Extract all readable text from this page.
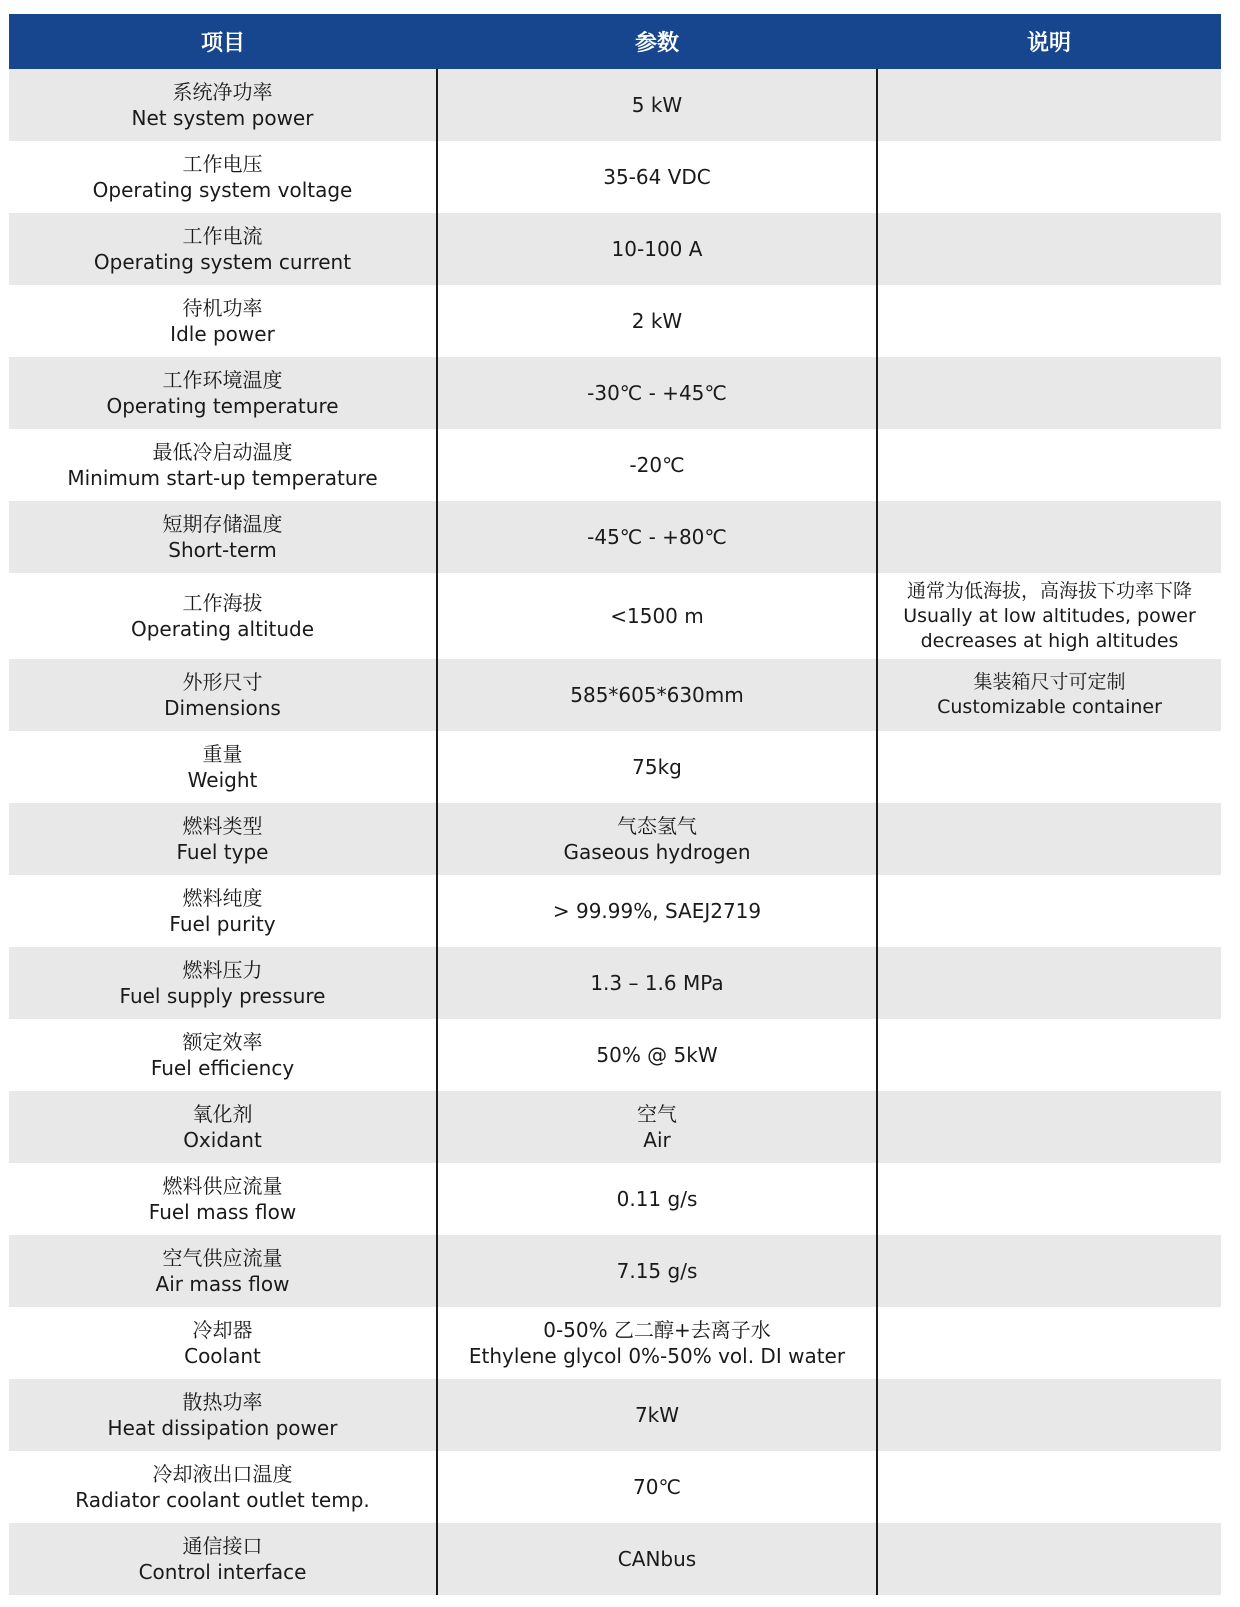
项目	参数	说明

系统净功率
Net system power	5 kW	

工作电压
Operating system voltage	35-64 VDC	

工作电流
Operating system current	10-100 A	

待机功率
Idle power	2 kW	

工作环境温度
Operating temperature	-30℃ - +45℃	

最低冷启动温度
Minimum start-up temperature	-20℃	

短期存储温度
Short-term	-45℃ - +80℃	

工作海拔
Operating altitude	<1500 m	通常为低海拔，高海拔下功率下降
Usually at low altitudes, power
decreases at high altitudes

外形尺寸
Dimensions	585*605*630mm	集装箱尺寸可定制
Customizable container

重量
Weight	75kg	

燃料类型
Fuel type	气态氢气
Gaseous hydrogen	

燃料纯度
Fuel purity	> 99.99%, SAEJ2719	

燃料压力
Fuel supply pressure	1.3 – 1.6 MPa	

额定效率
Fuel efficiency	50% @ 5kW	

氧化剂
Oxidant	空气
Air	

燃料供应流量
Fuel mass flow	0.11 g/s	

空气供应流量
Air mass flow	7.15 g/s	

冷却器
Coolant	0-50% 乙二醇+去离子水
Ethylene glycol 0%-50% vol. DI water	

散热功率
Heat dissipation power	7kW	

冷却液出口温度
Radiator coolant outlet temp.	70℃	

通信接口
Control interface	CANbus	
